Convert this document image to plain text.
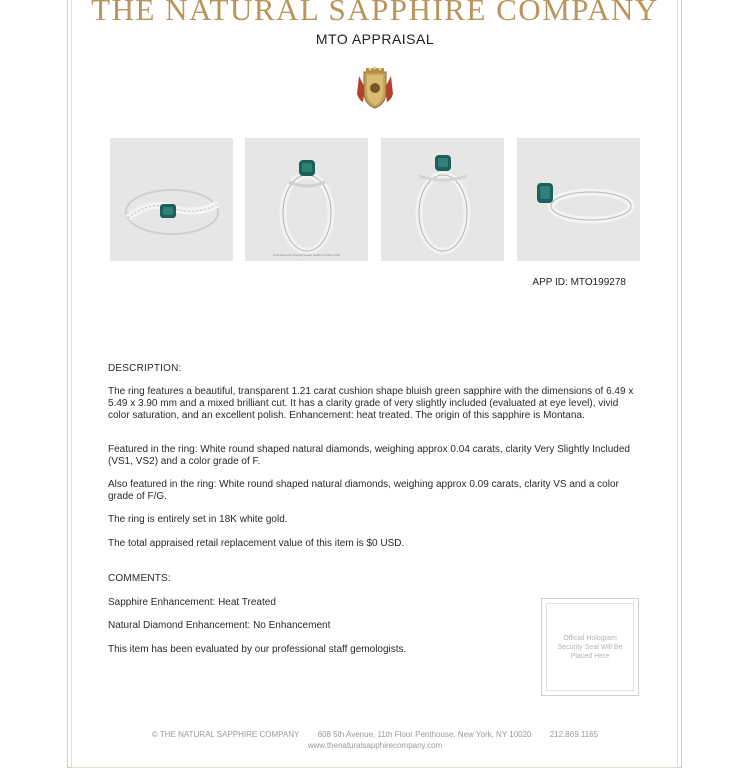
THE NATURAL SAPPHIRE COMPANY
MTO APPRAISAL
Total Diamond Weight Shown Hidden (0.09ct total)
APP ID: MTO199278
DESCRIPTION:
The ring features a beautiful, transparent 1.21 carat cushion shape bluish green sapphire with the dimensions of 6.49 x 5.49 x 3.90 mm and a mixed brilliant cut. It has a clarity grade of very slightly included (evaluated at eye level), vivid color saturation, and an excellent polish. Enhancement: heat treated. The origin of this sapphire is Montana.
Featured in the ring: White round shaped natural diamonds, weighing approx 0.04 carats, clarity Very Slightly Included (VS1, VS2) and a color grade of F.
Also featured in the ring: White round shaped natural diamonds, weighing approx 0.09 carats, clarity VS and a color grade of F/G.
The ring is entirely set in 18K white gold.
The total appraised retail replacement value of this item is $0 USD.
COMMENTS:
Sapphire Enhancement: Heat Treated
Natural Diamond Enhancement: No Enhancement
This item has been evaluated by our professional staff gemologists.
Official Hologram Security Seal Will Be Placed Here
© THE NATURAL SAPPHIRE COMPANY 608 5th Avenue, 11th Floor Penthouse, New York, NY 10020 212.869.1165
www.thenaturalsapphirecompany.com
